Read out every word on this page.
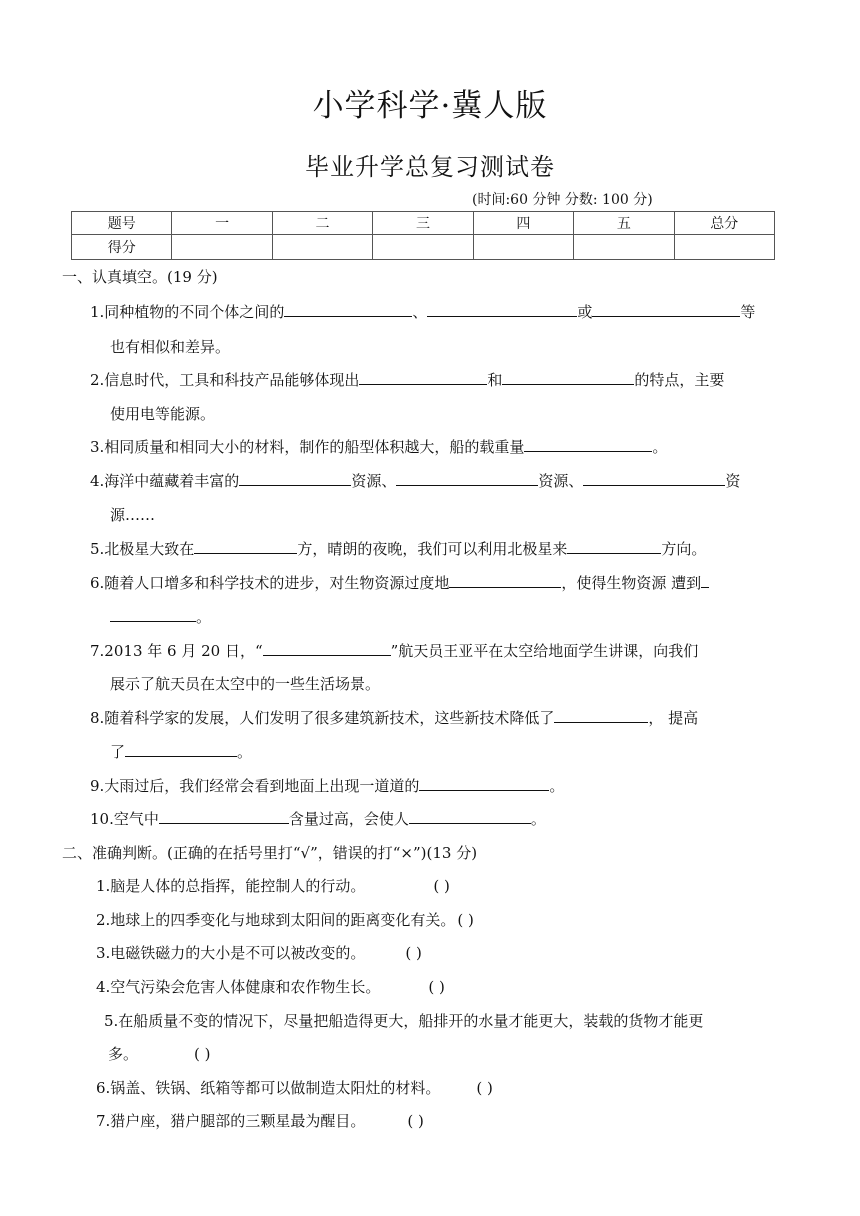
小学科学·冀人版
毕业升学总复习测试卷
(时间:60 分钟 分数: 100 分)
题号	一	二	三	四	五	总分
得分						
一、认真填空。(19 分)
1.同种植物的不同个体之间的	、	或	等
也有相似和差异。
2.信息时代，工具和科技产品能够体现出	和	的特点，主要
使用电等能源。
3.相同质量和相同大小的材料，制作的船型体积越大，船的载重量	。
4.海洋中蕴藏着丰富的	资源、	资源、	资
源……
5.北极星大致在	方，晴朗的夜晚，我们可以利用北极星来	方向。
6.随着人口增多和科学技术的进步，对生物资源过度地	，使得生物资源 遭到
。
7.2013 年 6 月 20 日，“	”航天员王亚平在太空给地面学生讲课，向我们
展示了航天员在太空中的一些生活场景。
8.随着科学家的发展，人们发明了很多建筑新技术，这些新技术降低了	， 提高
了	。
9.大雨过后，我们经常会看到地面上出现一道道的	。
10.空气中	含量过高，会使人	。
二、准确判断。(正确的在括号里打“√”，错误的打“×”)(13 分)
1.脑是人体的总指挥，能控制人的行动。	( )
2.地球上的四季变化与地球到太阳间的距离变化有关。 ( )
3.电磁铁磁力的大小是不可以被改变的。	( )
4.空气污染会危害人体健康和农作物生长。	( )
5.在船质量不变的情况下，尽量把船造得更大，船排开的水量才能更大，装载的货物才能更
多。	( )
6.锅盖、铁锅、纸箱等都可以做制造太阳灶的材料。 ( )
7.猎户座，猎户腿部的三颗星最为醒目。	( )
